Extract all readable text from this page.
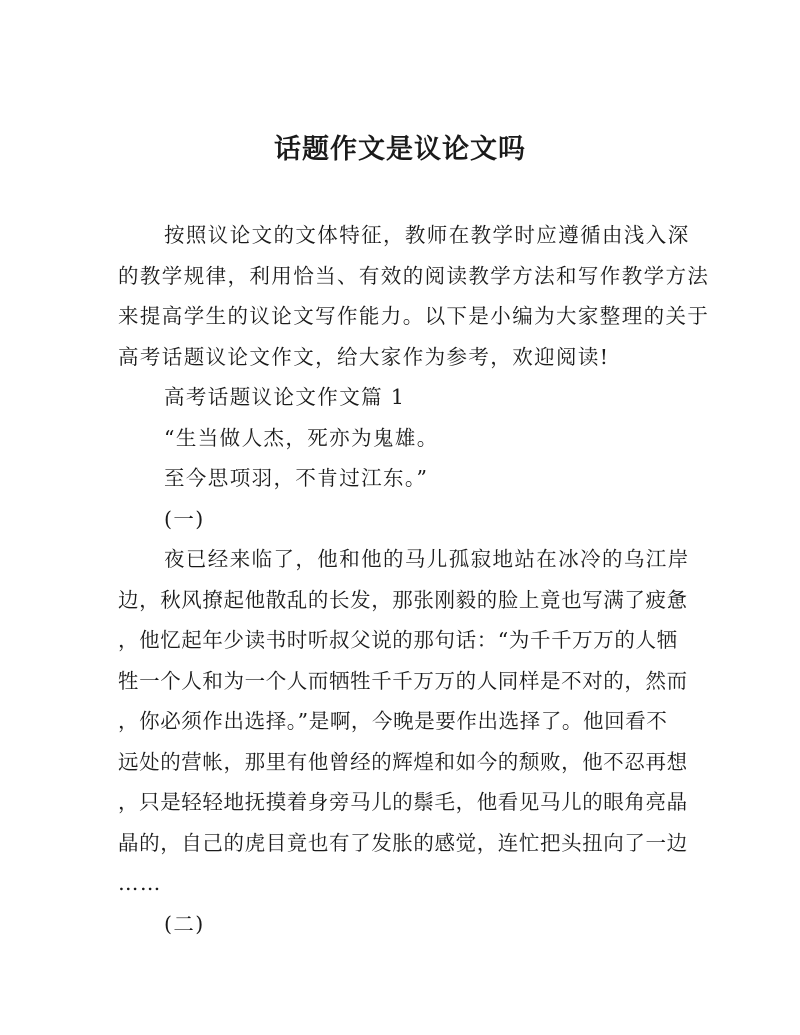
话题作文是议论文吗

按照议论文的文体特征，教师在教学时应遵循由浅入深
的教学规律，利用恰当、有效的阅读教学方法和写作教学方法
来提高学生的议论文写作能力。以下是小编为大家整理的关于
高考话题议论文作文，给大家作为参考，欢迎阅读!

高考话题议论文作文篇 1

“生当做人杰，死亦为鬼雄。

至今思项羽，不肯过江东。”

(一)

夜已经来临了，他和他的马儿孤寂地站在冰冷的乌江岸
边，秋风撩起他散乱的长发，那张刚毅的脸上竟也写满了疲惫
，他忆起年少读书时听叔父说的那句话：“为千千万万的人牺
牲一个人和为一个人而牺牲千千万万的人同样是不对的，然而
，你必须作出选择。”是啊，今晚是要作出选择了。他回看不
远处的营帐，那里有他曾经的辉煌和如今的颓败，他不忍再想
，只是轻轻地抚摸着身旁马儿的鬃毛，他看见马儿的眼角亮晶
晶的，自己的虎目竟也有了发胀的感觉，连忙把头扭向了一边
……

(二)
